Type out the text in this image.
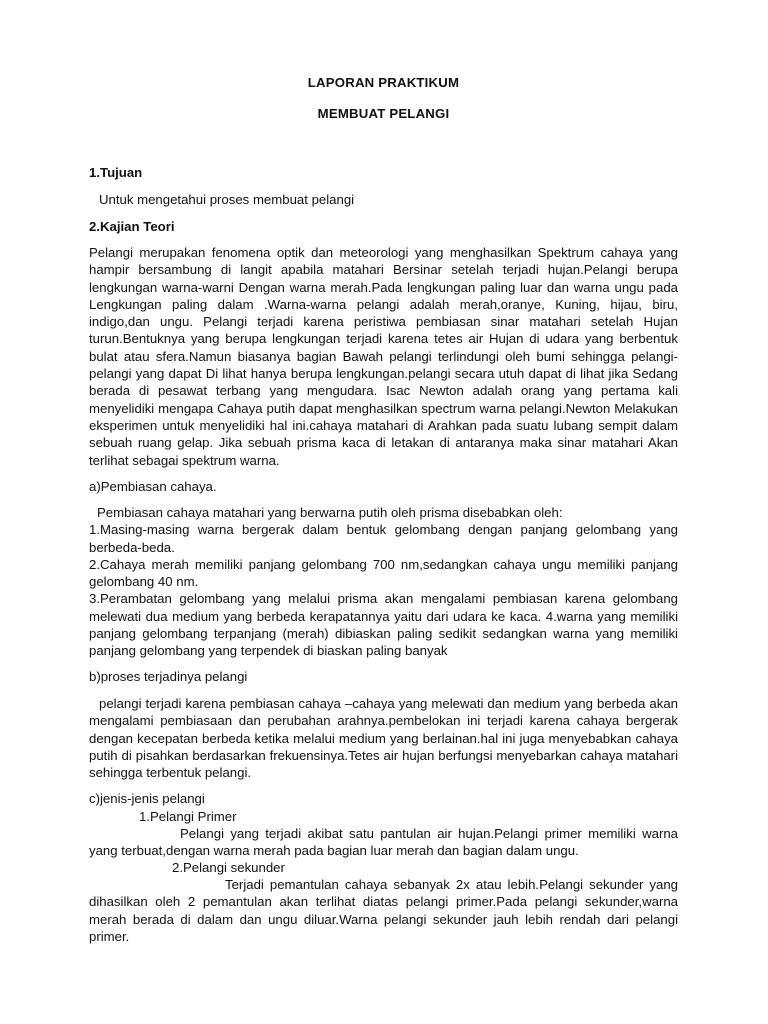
LAPORAN PRAKTIKUM
MEMBUAT PELANGI
1.Tujuan
Untuk mengetahui proses membuat pelangi
2.Kajian Teori
Pelangi merupakan fenomena optik dan meteorologi yang menghasilkan Spektrum cahaya yang hampir bersambung di langit apabila matahari Bersinar setelah terjadi hujan.Pelangi berupa lengkungan warna-warni Dengan warna merah.Pada lengkungan paling luar dan warna ungu pada Lengkungan paling dalam .Warna-warna pelangi adalah merah,oranye, Kuning, hijau, biru, indigo,dan ungu. Pelangi terjadi karena peristiwa pembiasan sinar matahari setelah Hujan turun.Bentuknya yang berupa lengkungan terjadi karena tetes air Hujan di udara yang berbentuk bulat atau sfera.Namun biasanya bagian Bawah pelangi terlindungi oleh bumi sehingga pelangi-pelangi yang dapat Di lihat hanya berupa lengkungan.pelangi secara utuh dapat di lihat jika Sedang berada di pesawat terbang yang mengudara. Isac Newton adalah orang yang pertama kali menyelidiki mengapa Cahaya putih dapat menghasilkan spectrum warna pelangi.Newton Melakukan eksperimen untuk menyelidiki hal ini.cahaya matahari di Arahkan pada suatu lubang sempit dalam sebuah ruang gelap. Jika sebuah prisma kaca di letakan di antaranya maka sinar matahari Akan terlihat sebagai spektrum warna.
a)Pembiasan cahaya.

Pembiasan cahaya matahari yang berwarna putih oleh prisma disebabkan oleh:

1.Masing-masing warna bergerak dalam bentuk gelombang dengan panjang gelombang yang berbeda-beda.

2.Cahaya merah memiliki panjang gelombang 700 nm,sedangkan cahaya ungu memiliki panjang gelombang 40 nm.

3.Perambatan gelombang yang melalui prisma akan mengalami pembiasan karena gelombang melewati dua medium yang berbeda kerapatannya yaitu dari udara ke kaca. 4.warna yang memiliki panjang gelombang terpanjang (merah) dibiaskan paling sedikit sedangkan warna yang memiliki panjang gelombang yang terpendek di biaskan paling banyak

b)proses terjadinya pelangi
pelangi terjadi karena pembiasan cahaya –cahaya yang melewati dan medium yang berbeda akan mengalami pembiasaan dan perubahan arahnya.pembelokan ini terjadi karena cahaya bergerak dengan kecepatan berbeda ketika melalui medium yang berlainan.hal ini juga menyebabkan cahaya putih di pisahkan berdasarkan frekuensinya.Tetes air hujan berfungsi menyebarkan cahaya matahari sehingga terbentuk pelangi.
c)jenis-jenis pelangi
1.Pelangi Primer
Pelangi yang terjadi akibat satu pantulan air hujan.Pelangi primer memiliki warna yang terbuat,dengan warna merah pada bagian luar merah dan bagian dalam ungu.
2.Pelangi sekunder
Terjadi pemantulan cahaya sebanyak 2x atau lebih.Pelangi sekunder yang dihasilkan oleh 2 pemantulan akan terlihat diatas pelangi primer.Pada pelangi sekunder,warna merah berada di dalam dan ungu diluar.Warna pelangi sekunder jauh lebih rendah dari pelangi primer.
